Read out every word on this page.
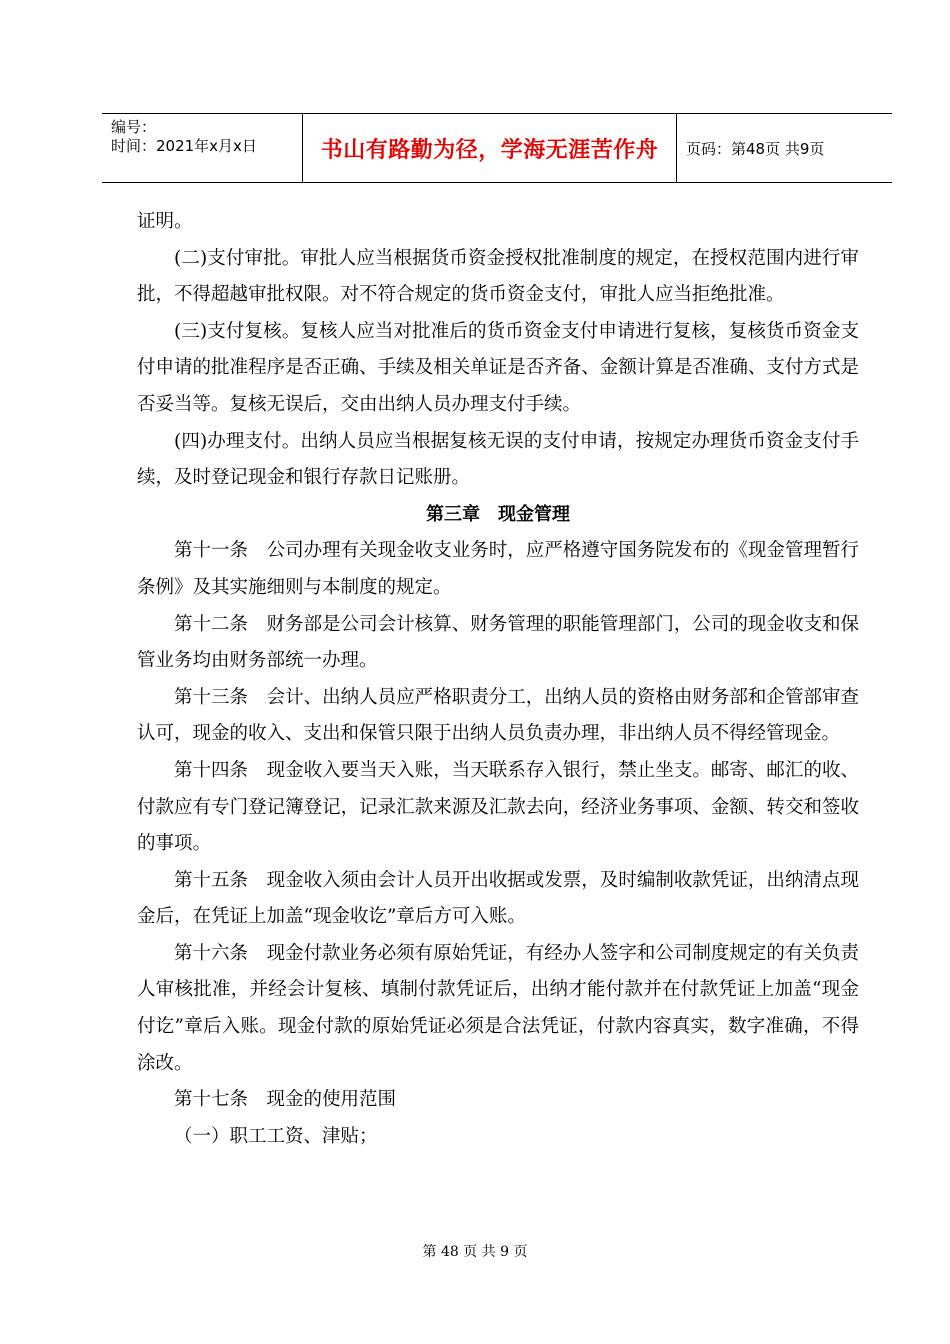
编号：
时间：2021年x月x日	书山有路勤为径，学海无涯苦作舟 页码：第48页 共9页

证明。

(二)支付审批。审批人应当根据货币资金授权批准制度的规定，在授权范围内进行审批，不得超越审批权限。对不符合规定的货币资金支付，审批人应当拒绝批准。

(三)支付复核。复核人应当对批准后的货币资金支付申请进行复核，复核货币资金支付申请的批准程序是否正确、手续及相关单证是否齐备、金额计算是否准确、支付方式是否妥当等。复核无误后，交由出纳人员办理支付手续。

(四)办理支付。出纳人员应当根据复核无误的支付申请，按规定办理货币资金支付手续，及时登记现金和银行存款日记账册。

第三章　现金管理

第十一条　公司办理有关现金收支业务时，应严格遵守国务院发布的《现金管理暂行条例》及其实施细则与本制度的规定。

第十二条　财务部是公司会计核算、财务管理的职能管理部门，公司的现金收支和保管业务均由财务部统一办理。

第十三条　会计、出纳人员应严格职责分工，出纳人员的资格由财务部和企管部审查认可，现金的收入、支出和保管只限于出纳人员负责办理，非出纳人员不得经管现金。

第十四条　现金收入要当天入账，当天联系存入银行，禁止坐支。邮寄、邮汇的收、付款应有专门登记簿登记，记录汇款来源及汇款去向，经济业务事项、金额、转交和签收的事项。

第十五条　现金收入须由会计人员开出收据或发票，及时编制收款凭证，出纳清点现金后，在凭证上加盖“现金收讫”章后方可入账。

第十六条　现金付款业务必须有原始凭证，有经办人签字和公司制度规定的有关负责人审核批准，并经会计复核、填制付款凭证后，出纳才能付款并在付款凭证上加盖“现金付讫”章后入账。现金付款的原始凭证必须是合法凭证，付款内容真实，数字准确，不得涂改。

第十七条　现金的使用范围

（一）职工工资、津贴；

第 48 页 共 9 页
